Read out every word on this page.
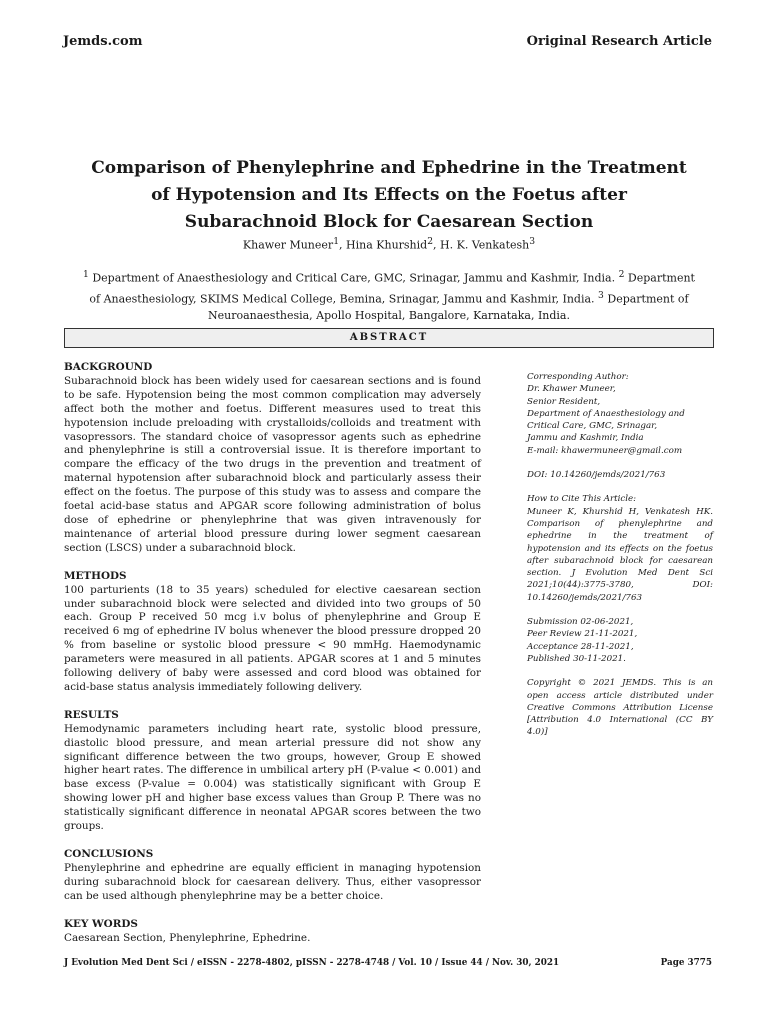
Jemds.com	Original Research Article
Comparison of Phenylephrine and Ephedrine in the Treatment
of Hypotension and Its Effects on the Foetus after
Subarachnoid Block for Caesarean Section
Khawer Muneer$^1$, Hina Khurshid$^2$, H. K. Venkatesh$^3$
$^1$ Department of Anaesthesiology and Critical Care, GMC, Srinagar, Jammu and Kashmir, India. $^2$ Department of Anaesthesiology, SKIMS Medical College, Bemina, Srinagar, Jammu and Kashmir, India. $^3$ Department of Neuroanaesthesia, Apollo Hospital, Bangalore, Karnataka, India.
ABSTRACT
BACKGROUND

Subarachnoid block has been widely used for caesarean sections and is found to be safe. Hypotension being the most common complication may adversely affect both the mother and foetus. Different measures used to treat this hypotension include preloading with crystalloids/colloids and treatment with vasopressors. The standard choice of vasopressor agents such as ephedrine and phenylephrine is still a controversial issue. It is therefore important to compare the efficacy of the two drugs in the prevention and treatment of maternal hypotension after subarachnoid block and particularly assess their effect on the foetus. The purpose of this study was to assess and compare the foetal acid-base status and APGAR score following administration of bolus dose of ephedrine or phenylephrine that was given intravenously for maintenance of arterial blood pressure during lower segment caesarean section (LSCS) under a subarachnoid block.

METHODS

100 parturients (18 to 35 years) scheduled for elective caesarean section under subarachnoid block were selected and divided into two groups of 50 each. Group P received 50 mcg i.v bolus of phenylephrine and Group E received 6 mg of ephedrine IV bolus whenever the blood pressure dropped 20 % from baseline or systolic blood pressure < 90 mmHg. Haemodynamic parameters were measured in all patients. APGAR scores at 1 and 5 minutes following delivery of baby were assessed and cord blood was obtained for acid-base status analysis immediately following delivery.

RESULTS

Hemodynamic parameters including heart rate, systolic blood pressure, diastolic blood pressure, and mean arterial pressure did not show any significant difference between the two groups, however, Group E showed higher heart rates. The difference in umbilical artery pH (P-value < 0.001) and base excess (P-value = 0.004) was statistically significant with Group E showing lower pH and higher base excess values than Group P. There was no statistically significant difference in neonatal APGAR scores between the two groups.

CONCLUSIONS

Phenylephrine and ephedrine are equally efficient in managing hypotension during subarachnoid block for caesarean delivery. Thus, either vasopressor can be used although phenylephrine may be a better choice.

KEY WORDS

Caesarean Section, Phenylephrine, Ephedrine.

Corresponding Author:
Dr. Khawer Muneer,
Senior Resident,
Department of Anaesthesiology and
Critical Care, GMC, Srinagar,
Jammu and Kashmir, India
E-mail: khawermuneer@gmail.com

DOI: 10.14260/jemds/2021/763

How to Cite This Article:
Muneer K, Khurshid H, Venkatesh HK. Comparison of phenylephrine and ephedrine in the treatment of hypotension and its effects on the foetus after subarachnoid block for caesarean section. J Evolution Med Dent Sci 2021;10(44):3775-3780, DOI: 10.14260/jemds/2021/763

Submission 02-06-2021,
Peer Review 21-11-2021,
Acceptance 28-11-2021,
Published 30-11-2021.

Copyright © 2021 JEMDS. This is an open access article distributed under Creative Commons Attribution License [Attribution 4.0 International (CC BY 4.0)]

J Evolution Med Dent Sci / eISSN - 2278-4802, pISSN - 2278-4748 / Vol. 10 / Issue 44 / Nov. 30, 2021	Page 3775
